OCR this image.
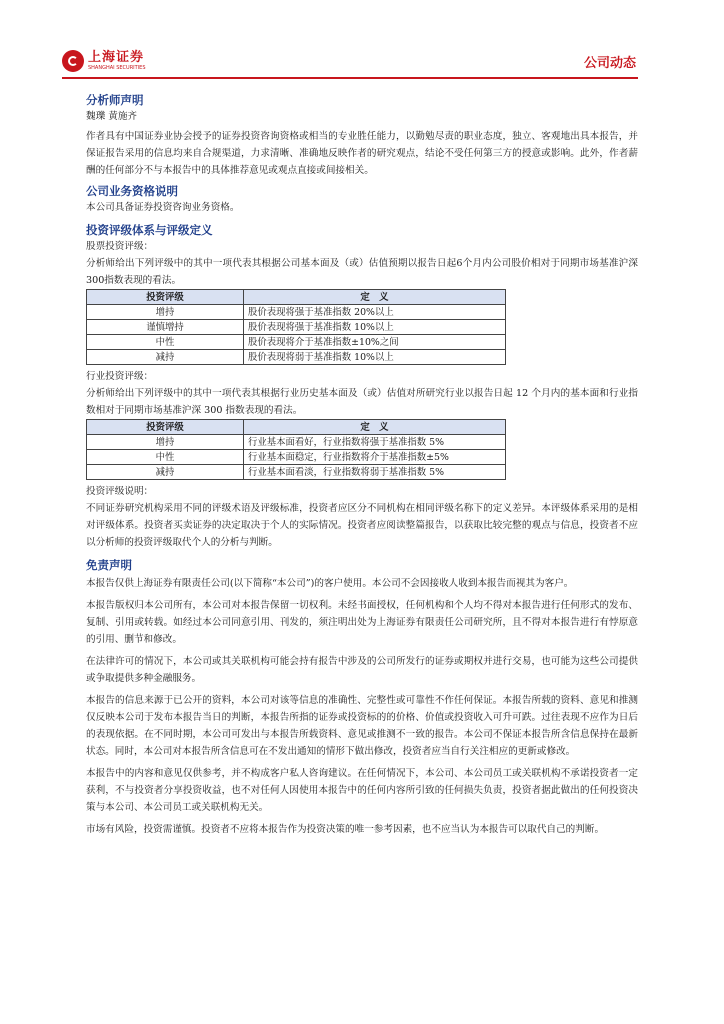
上海证券
SHANGHAI SECURITIES	公司动态

分析师声明

魏瓅 黄施齐

作者具有中国证券业协会授予的证券投资咨询资格或相当的专业胜任能力，以勤勉尽责的职业态度，独立、客观地出具本报告，并保证报告采用的信息均来自合规渠道，力求清晰、准确地反映作者的研究观点，结论不受任何第三方的授意或影响。此外，作者薪酬的任何部分不与本报告中的具体推荐意见或观点直接或间接相关。

公司业务资格说明

本公司具备证券投资咨询业务资格。

投资评级体系与评级定义

股票投资评级：

分析师给出下列评级中的其中一项代表其根据公司基本面及（或）估值预期以报告日起6个月内公司股价相对于同期市场基准沪深300指数表现的看法。

投资评级	定　义
增持	股价表现将强于基准指数 20%以上
谨慎增持	股价表现将强于基准指数 10%以上
中性	股价表现将介于基准指数±10%之间
减持	股价表现将弱于基准指数 10%以上

行业投资评级：

分析师给出下列评级中的其中一项代表其根据行业历史基本面及（或）估值对所研究行业以报告日起 12 个月内的基本面和行业指数相对于同期市场基准沪深 300 指数表现的看法。

投资评级	定　义
增持	行业基本面看好，行业指数将强于基准指数 5%
中性	行业基本面稳定，行业指数将介于基准指数±5%
减持	行业基本面看淡，行业指数将弱于基准指数 5%

投资评级说明：

不同证券研究机构采用不同的评级术语及评级标准，投资者应区分不同机构在相同评级名称下的定义差异。本评级体系采用的是相对评级体系。投资者买卖证券的决定取决于个人的实际情况。投资者应阅读整篇报告，以获取比较完整的观点与信息，投资者不应以分析师的投资评级取代个人的分析与判断。

免责声明

本报告仅供上海证券有限责任公司(以下简称“本公司”)的客户使用。本公司不会因接收人收到本报告而视其为客户。

本报告版权归本公司所有，本公司对本报告保留一切权利。未经书面授权，任何机构和个人均不得对本报告进行任何形式的发布、复制、引用或转载。如经过本公司同意引用、刊发的，须注明出处为上海证券有限责任公司研究所，且不得对本报告进行有悖原意的引用、删节和修改。

在法律许可的情况下，本公司或其关联机构可能会持有报告中涉及的公司所发行的证券或期权并进行交易，也可能为这些公司提供或争取提供多种金融服务。

本报告的信息来源于已公开的资料，本公司对该等信息的准确性、完整性或可靠性不作任何保证。本报告所载的资料、意见和推测仅反映本公司于发布本报告当日的判断，本报告所指的证券或投资标的的价格、价值或投资收入可升可跌。过往表现不应作为日后的表现依据。在不同时期，本公司可发出与本报告所载资料、意见或推测不一致的报告。本公司不保证本报告所含信息保持在最新状态。同时，本公司对本报告所含信息可在不发出通知的情形下做出修改，投资者应当自行关注相应的更新或修改。

本报告中的内容和意见仅供参考，并不构成客户私人咨询建议。在任何情况下，本公司、本公司员工或关联机构不承诺投资者一定获利，不与投资者分享投资收益，也不对任何人因使用本报告中的任何内容所引致的任何损失负责，投资者据此做出的任何投资决策与本公司、本公司员工或关联机构无关。

市场有风险，投资需谨慎。投资者不应将本报告作为投资决策的唯一参考因素，也不应当认为本报告可以取代自己的判断。
